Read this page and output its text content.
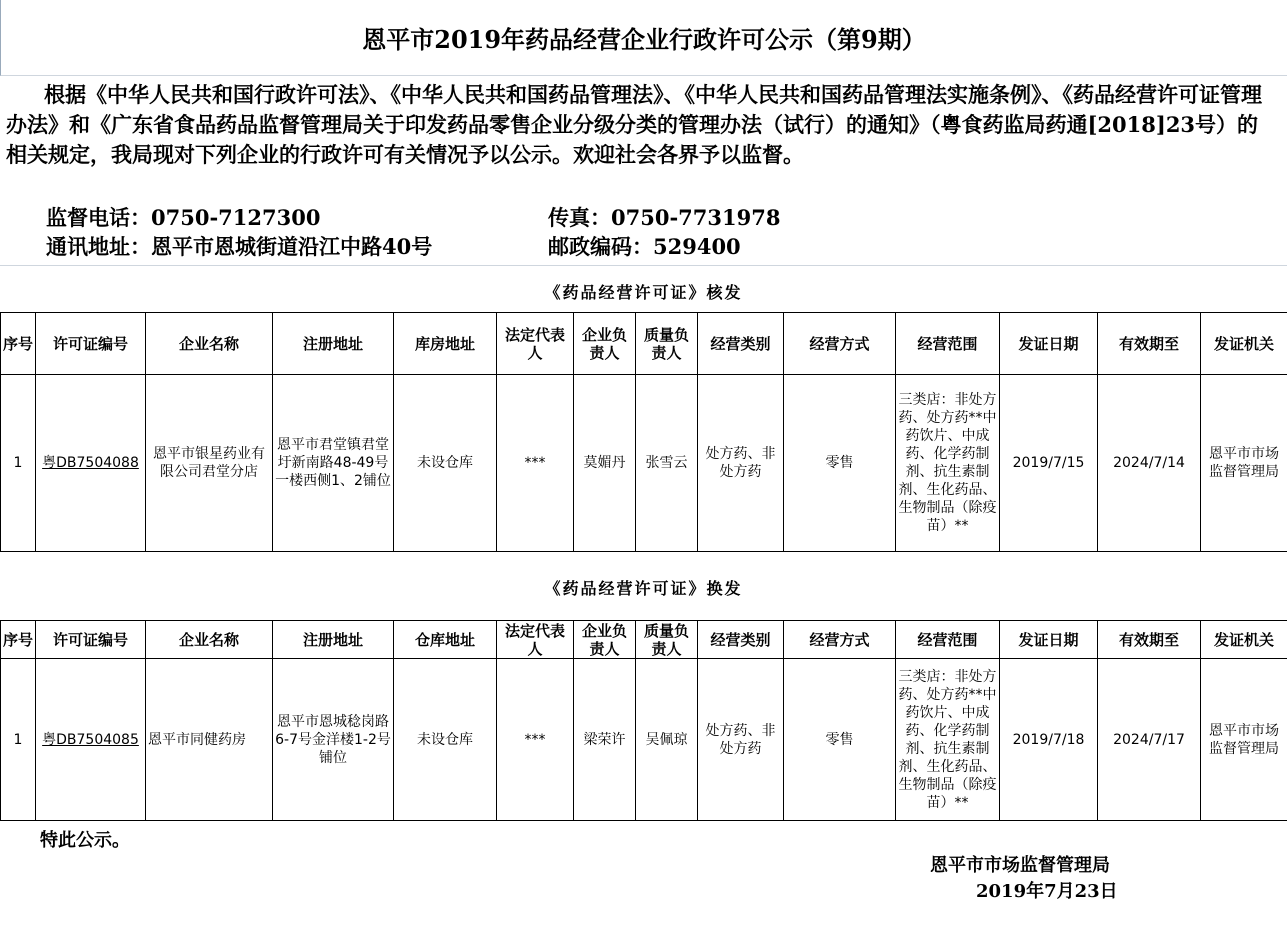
恩平市2019年药品经营企业行政许可公示（第9期）

根据《中华人民共和国行政许可法》、《中华人民共和国药品管理法》、《中华人民共和国药品管理法实施条例》、《药品经营许可证管理办法》和《广东省食品药品监督管理局关于印发药品零售企业分级分类的管理办法（试行）的通知》（粤食药监局药通[2018]23号）的相关规定，我局现对下列企业的行政许可有关情况予以公示。欢迎社会各界予以监督。

监督电话：0750-7127300	传真：0750-7731978
通讯地址：恩平市恩城街道沿江中路40号	邮政编码：529400
《药品经营许可证》核发
序号	许可证编号	企业名称	注册地址	库房地址	法定代表人	企业负责人	质量负责人	经营类别	经营方式	经营范围	发证日期	有效期至	发证机关
1	粤DB7504088	恩平市银星药业有限公司君堂分店	恩平市君堂镇君堂圩新南路48-49号一楼西侧1、2铺位	未设仓库	***	莫媚丹	张雪云	处方药、非处方药	零售	三类店：非处方药、处方药**中药饮片、中成药、化学药制剂、抗生素制剂、生化药品、生物制品（除疫苗）**	2019/7/15	2024/7/14	恩平市市场监督管理局
《药品经营许可证》换发
序号	许可证编号	企业名称	注册地址	仓库地址	法定代表人	企业负责人	质量负责人	经营类别	经营方式	经营范围	发证日期	有效期至	发证机关
1	粤DB7504085	恩平市同健药房	恩平市恩城稔岗路6-7号金洋楼1-2号铺位	未设仓库	***	梁荣许	吴佩琼	处方药、非处方药	零售	三类店：非处方药、处方药**中药饮片、中成药、化学药制剂、抗生素制剂、生化药品、生物制品（除疫苗）**	2019/7/18	2024/7/17	恩平市市场监督管理局
特此公示。
恩平市市场监督管理局
2019年7月23日
